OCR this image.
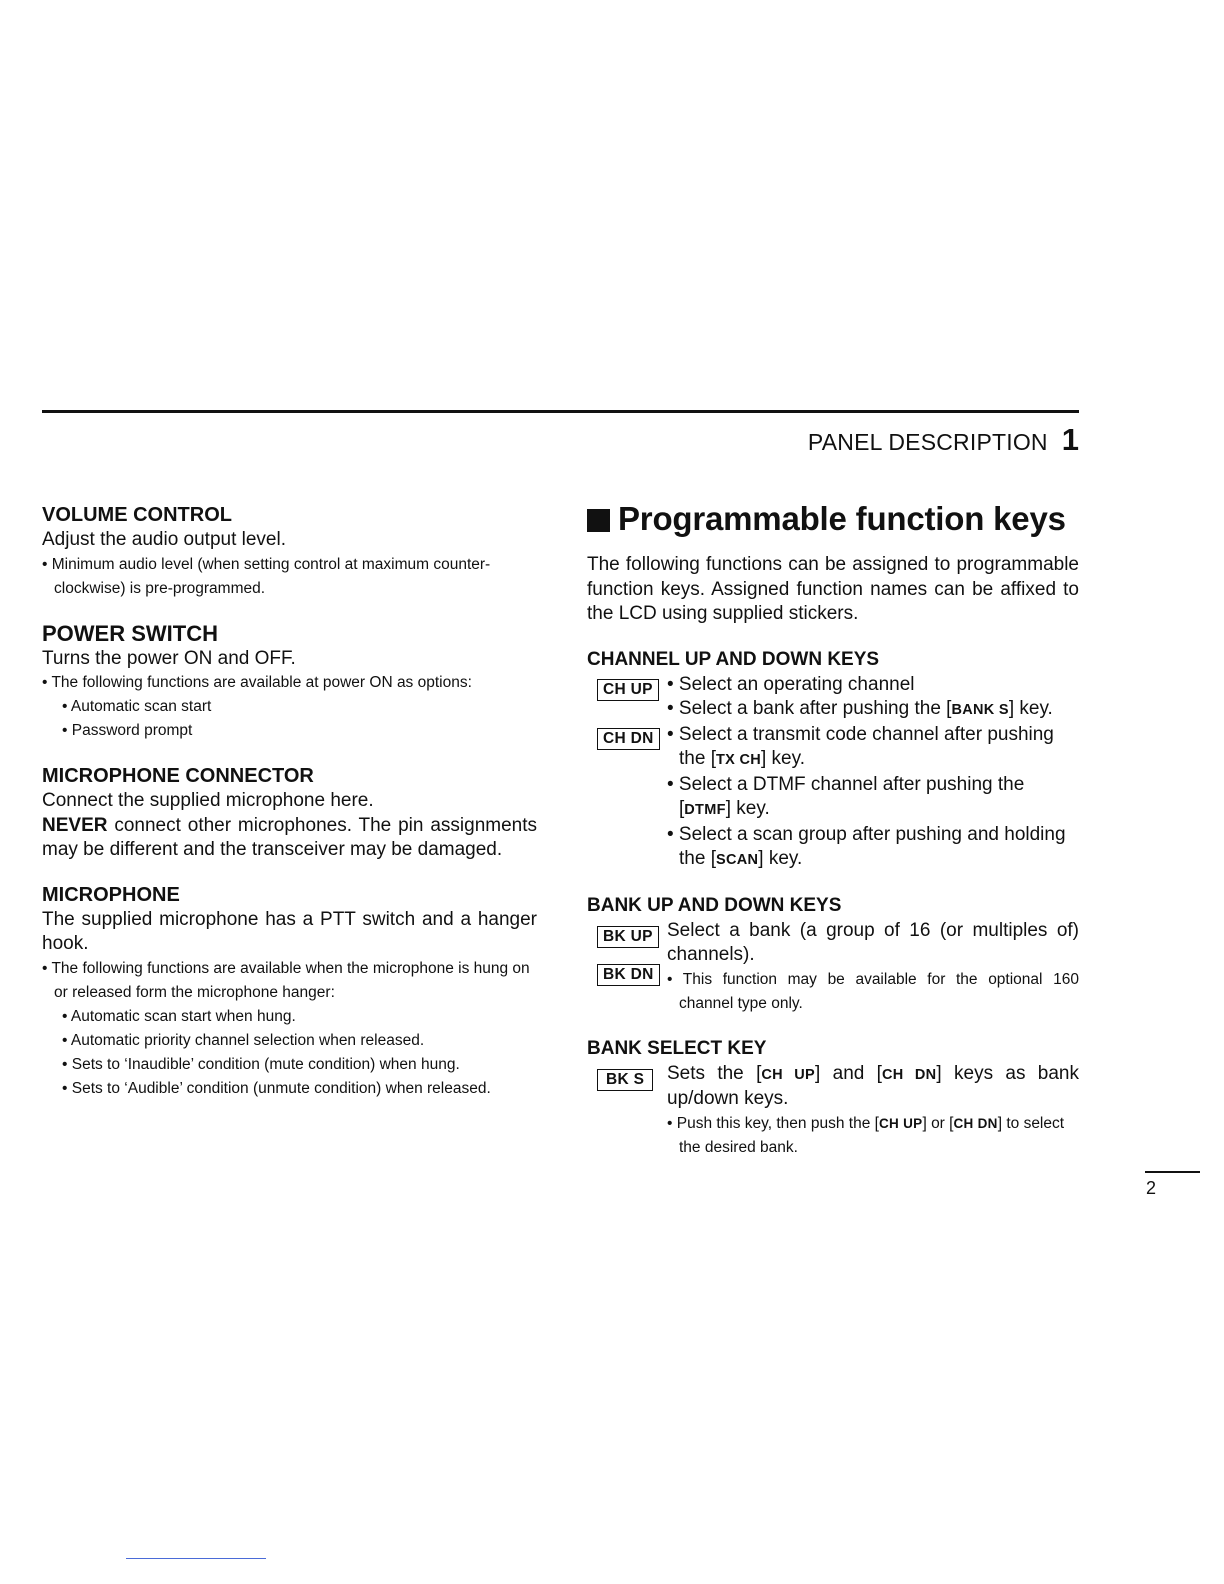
PANEL DESCRIPTION 1

VOLUME CONTROL

Adjust the audio output level.

• Minimum audio level (when setting control at maximum counter-clockwise) is pre-programmed.

POWER SWITCH

Turns the power ON and OFF.

• The following functions are available at power ON as options:

• Automatic scan start

• Password prompt

MICROPHONE CONNECTOR

Connect the supplied microphone here.

NEVER connect other microphones. The pin assignments may be different and the transceiver may be damaged.

MICROPHONE

The supplied microphone has a PTT switch and a hanger hook.

• The following functions are available when the microphone is hung on or released form the microphone hanger:

• Automatic scan start when hung.

• Automatic priority channel selection when released.

• Sets to ‘Inaudible’ condition (mute condition) when hung.

• Sets to ‘Audible’ condition (unmute condition) when released.

Programmable function keys

The following functions can be assigned to programmable function keys. Assigned function names can be affixed to the LCD using supplied stickers.

CHANNEL UP AND DOWN KEYS

CH UP
CH DN

• Select an operating channel

• Select a bank after pushing the [BANK S] key.

• Select a transmit code channel after pushing the [TX CH] key.

• Select a DTMF channel after pushing the [DTMF] key.

• Select a scan group after pushing and holding the [SCAN] key.

BANK UP AND DOWN KEYS

BK UP
BK DN

Select a bank (a group of 16 (or multiples of) channels).

• This function may be available for the optional 160 channel type only.

BANK SELECT KEY

BK S	Sets the [CH UP] and [CH DN] keys as bank up/down keys.

• Push this key, then push the [CH UP] or [CH DN] to select the desired bank.

2
